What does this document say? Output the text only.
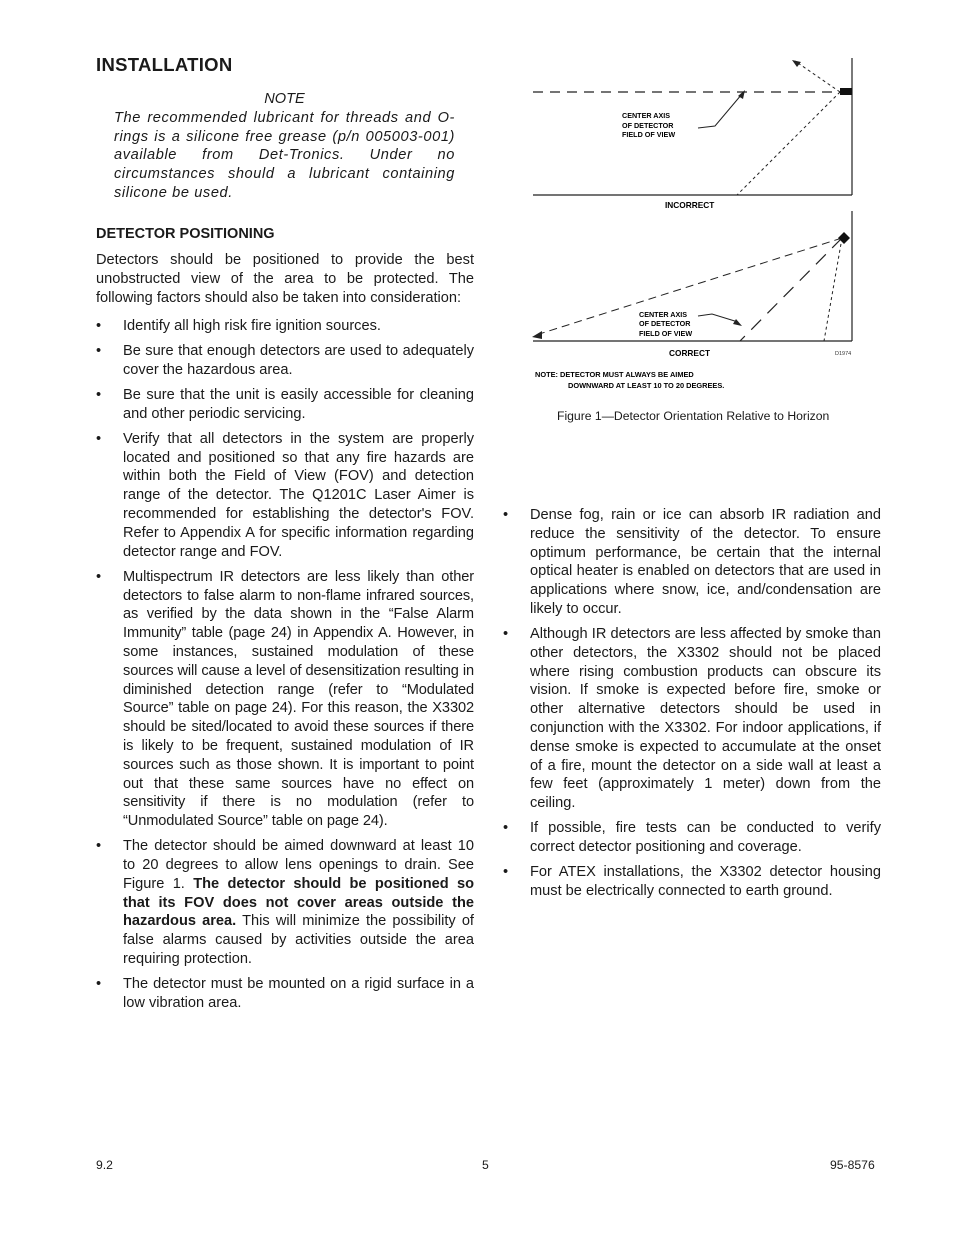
INSTALLATION
NOTE
The recommended lubricant for threads and O-rings is a silicone free grease (p/n 005003-001) available from Det-Tronics. Under no circumstances should a lubricant containing silicone be used.
DETECTOR POSITIONING
Detectors should be positioned to provide the best unobstructed view of the area to be protected. The following factors should also be taken into consideration:
• Identify all high risk fire ignition sources.
• Be sure that enough detectors are used to adequately cover the hazardous area.
• Be sure that the unit is easily accessible for cleaning and other periodic servicing.
• Verify that all detectors in the system are properly located and positioned so that any fire hazards are within both the Field of View (FOV) and detection range of the detector. The Q1201C Laser Aimer is recommended for establishing the detector's FOV. Refer to Appendix A for specific information regarding detector range and FOV.
• Multispectrum IR detectors are less likely than other detectors to false alarm to non-flame infrared sources, as verified by the data shown in the “False Alarm Immunity” table (page 24) in Appendix A. However, in some instances, sustained modulation of these sources will cause a level of desensitization resulting in diminished detection range (refer to “Modulated Source” table on page 24). For this reason, the X3302 should be sited/located to avoid these sources if there is likely to be frequent, sustained modulation of IR sources such as those shown. It is important to point out that these same sources have no effect on sensitivity if there is no modulation (refer to “Unmodulated Source” table on page 24).
• The detector should be aimed downward at least 10 to 20 degrees to allow lens openings to drain. See Figure 1. The detector should be positioned so that its FOV does not cover areas outside the hazardous area. This will minimize the possibility of false alarms caused by activities outside the area requiring protection.
• The detector must be mounted on a rigid surface in a low vibration area.
CENTER AXIS
OF DETECTOR
FIELD OF VIEW
INCORRECT
CENTER AXIS
OF DETECTOR
FIELD OF VIEW
CORRECT	D1974
NOTE: DETECTOR MUST ALWAYS BE AIMED
DOWNWARD AT LEAST 10 TO 20 DEGREES.
Figure 1—Detector Orientation Relative to Horizon
• Dense fog, rain or ice can absorb IR radiation and reduce the sensitivity of the detector. To ensure optimum performance, be certain that the internal optical heater is enabled on detectors that are used in applications where snow, ice, and/condensation are likely to occur.
• Although IR detectors are less affected by smoke than other detectors, the X3302 should not be placed where rising combustion products can obscure its vision. If smoke is expected before fire, smoke or other alternative detectors should be used in conjunction with the X3302. For indoor applications, if dense smoke is expected to accumulate at the onset of a fire, mount the detector on a side wall at least a few feet (approximately 1 meter) down from the ceiling.
• If possible, fire tests can be conducted to verify correct detector positioning and coverage.
• For ATEX installations, the X3302 detector housing must be electrically connected to earth ground.
9.2	5	95-8576
